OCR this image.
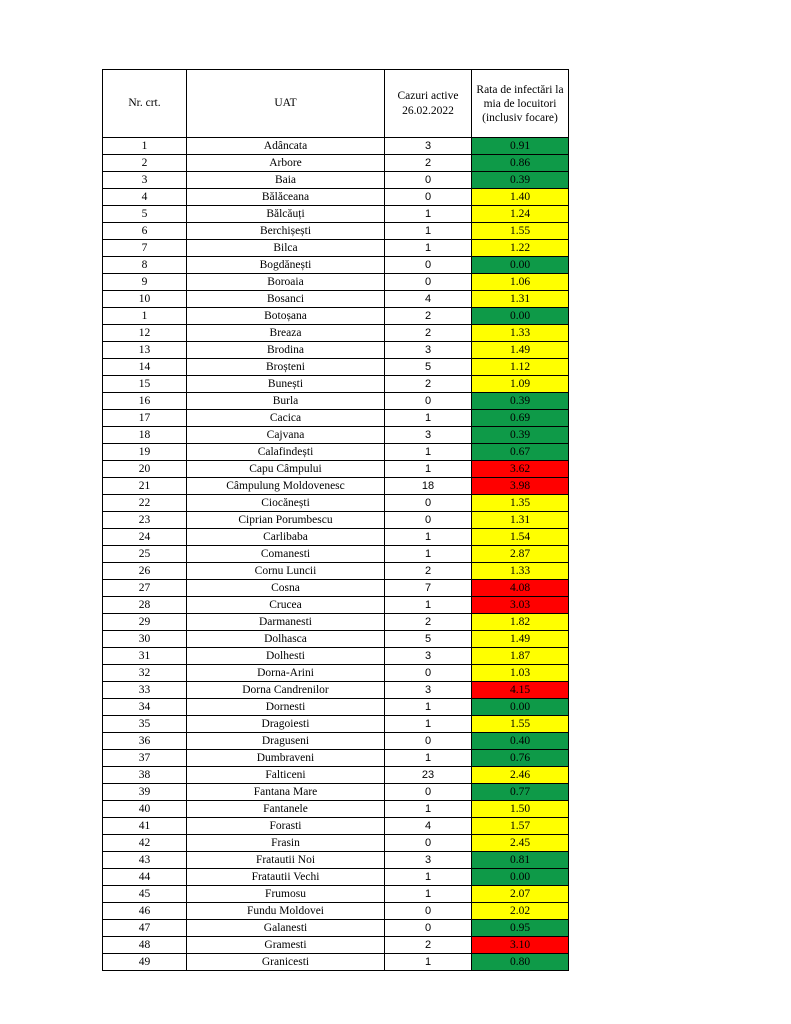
Nr. crt.	UAT	Cazuri active 26.02.2022	Rata de infectări la mia de locuitori (inclusiv focare)
1	Adâncata	3	0.91
2	Arbore	2	0.86
3	Baia	0	0.39
4	Bălăceana	0	1.40
5	Bălcăuți	1	1.24
6	Berchișești	1	1.55
7	Bilca	1	1.22
8	Bogdănești	0	0.00
9	Boroaia	0	1.06
10	Bosanci	4	1.31
1	Botoșana	2	0.00
12	Breaza	2	1.33
13	Brodina	3	1.49
14	Broșteni	5	1.12
15	Bunești	2	1.09
16	Burla	0	0.39
17	Cacica	1	0.69
18	Cajvana	3	0.39
19	Calafindești	1	0.67
20	Capu Câmpului	1	3.62
21	Câmpulung Moldovenesc	18	3.98
22	Ciocănești	0	1.35
23	Ciprian Porumbescu	0	1.31
24	Carlibaba	1	1.54
25	Comanesti	1	2.87
26	Cornu Luncii	2	1.33
27	Cosna	7	4.08
28	Crucea	1	3.03
29	Darmanesti	2	1.82
30	Dolhasca	5	1.49
31	Dolhesti	3	1.87
32	Dorna-Arini	0	1.03
33	Dorna Candrenilor	3	4.15
34	Dornesti	1	0.00
35	Dragoiesti	1	1.55
36	Draguseni	0	0.40
37	Dumbraveni	1	0.76
38	Falticeni	23	2.46
39	Fantana Mare	0	0.77
40	Fantanele	1	1.50
41	Forasti	4	1.57
42	Frasin	0	2.45
43	Fratautii Noi	3	0.81
44	Fratautii Vechi	1	0.00
45	Frumosu	1	2.07
46	Fundu Moldovei	0	2.02
47	Galanesti	0	0.95
48	Gramesti	2	3.10
49	Granicesti	1	0.80
